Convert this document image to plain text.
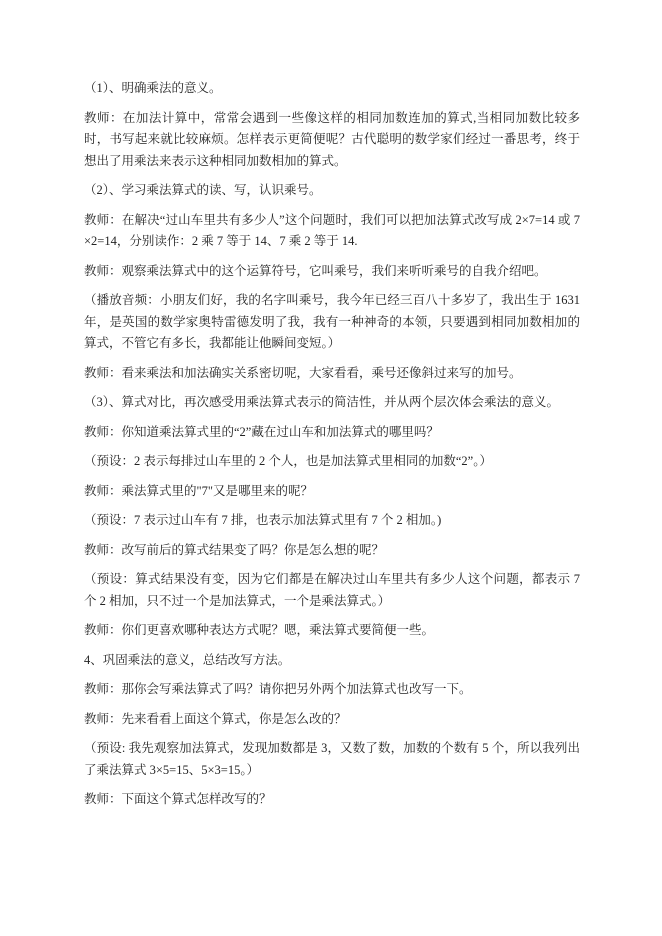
（1）、明确乘法的意义。

教师：在加法计算中，常常会遇到一些像这样的相同加数连加的算式,当相同加数比较多时，书写起来就比较麻烦。怎样表示更简便呢？古代聪明的数学家们经过一番思考，终于想出了用乘法来表示这种相同加数相加的算式。

（2）、学习乘法算式的读、写，认识乘号。

教师：在解决“过山车里共有多少人”这个问题时，我们可以把加法算式改写成 2×7=14 或 7×2=14，分别读作：2 乘 7 等于 14、7 乘 2 等于 14.

教师：观察乘法算式中的这个运算符号，它叫乘号，我们来听听乘号的自我介绍吧。

（播放音频：小朋友们好，我的名字叫乘号，我今年已经三百八十多岁了，我出生于 1631 年，是英国的数学家奥特雷德发明了我，我有一种神奇的本领，只要遇到相同加数相加的算式，不管它有多长，我都能让他瞬间变短。）

教师：看来乘法和加法确实关系密切呢，大家看看，乘号还像斜过来写的加号。

（3）、算式对比，再次感受用乘法算式表示的简洁性，并从两个层次体会乘法的意义。

教师：你知道乘法算式里的“2”藏在过山车和加法算式的哪里吗？

（预设：2 表示每排过山车里的 2 个人，也是加法算式里相同的加数“2”。）

教师：乘法算式里的"7"又是哪里来的呢？

（预设：7 表示过山车有 7 排，也表示加法算式里有 7 个 2 相加。)

教师：改写前后的算式结果变了吗？你是怎么想的呢？

（预设：算式结果没有变，因为它们都是在解决过山车里共有多少人这个问题，都表示 7 个 2 相加，只不过一个是加法算式，一个是乘法算式。）

教师：你们更喜欢哪种表达方式呢？嗯，乘法算式要简便一些。

4、巩固乘法的意义，总结改写方法。

教师：那你会写乘法算式了吗？请你把另外两个加法算式也改写一下。

教师：先来看看上面这个算式，你是怎么改的？

（预设: 我先观察加法算式，发现加数都是 3，又数了数，加数的个数有 5 个，所以我列出了乘法算式 3×5=15、5×3=15。）

教师：下面这个算式怎样改写的？
